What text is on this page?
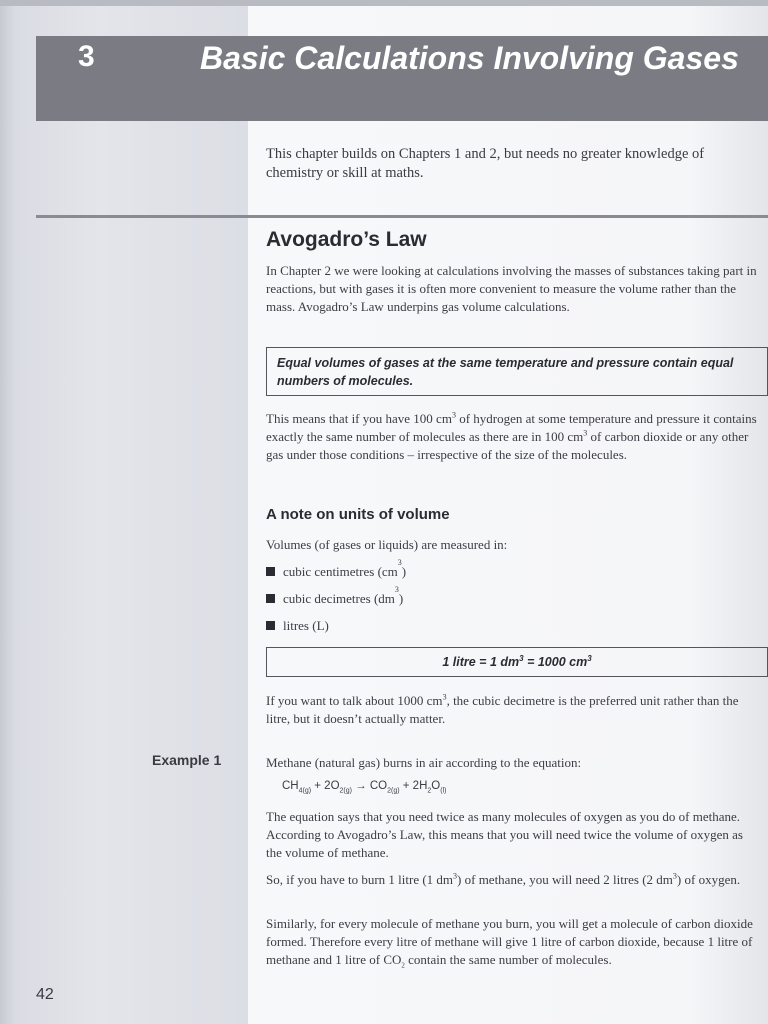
3	Basic Calculations Involving Gases

This chapter builds on Chapters 1 and 2, but needs no greater knowledge of chemistry or skill at maths.

Avogadro’s Law

In Chapter 2 we were looking at calculations involving the masses of substances taking part in reactions, but with gases it is often more convenient to measure the volume rather than the mass. Avogadro’s Law underpins gas volume calculations.

Equal volumes of gases at the same temperature and pressure contain equal numbers of molecules.

This means that if you have 100 $cm^3$ of hydrogen at some temperature and pressure it contains exactly the same number of molecules as there are in 100 $cm^3$ of carbon dioxide or any other gas under those conditions – irrespective of the size of the molecules.

A note on units of volume

Volumes (of gases or liquids) are measured in:

cubic centimetres (cm
3
)
cubic decimetres (dm
3
)
litres (L)
1 litre = 1 $dm^3 = 1000$ $cm^3$

If you want to talk about 1000 $cm^3$, the cubic decimetre is the preferred unit rather than the litre, but it doesn’t actually matter.

Example 1	Methane (natural gas) burns in air according to the equation:

$CH_{4(g)} + 2O_{2(g)} \to CO_{2(g)} + 2H_2O_{(l)}$

The equation says that you need twice as many molecules of oxygen as you do of methane. According to Avogadro’s Law, this means that you will need twice the volume of oxygen as the volume of methane.

So, if you have to burn 1 litre (1 $dm^3$) of methane, you will need 2 litres (2 $dm^3$) of oxygen.

Similarly, for every molecule of methane you burn, you will get a molecule of carbon dioxide formed. Therefore every litre of methane will give 1 litre of carbon dioxide, because 1 litre of methane and 1 litre of $CO_2$ contain the same number of molecules.

42
